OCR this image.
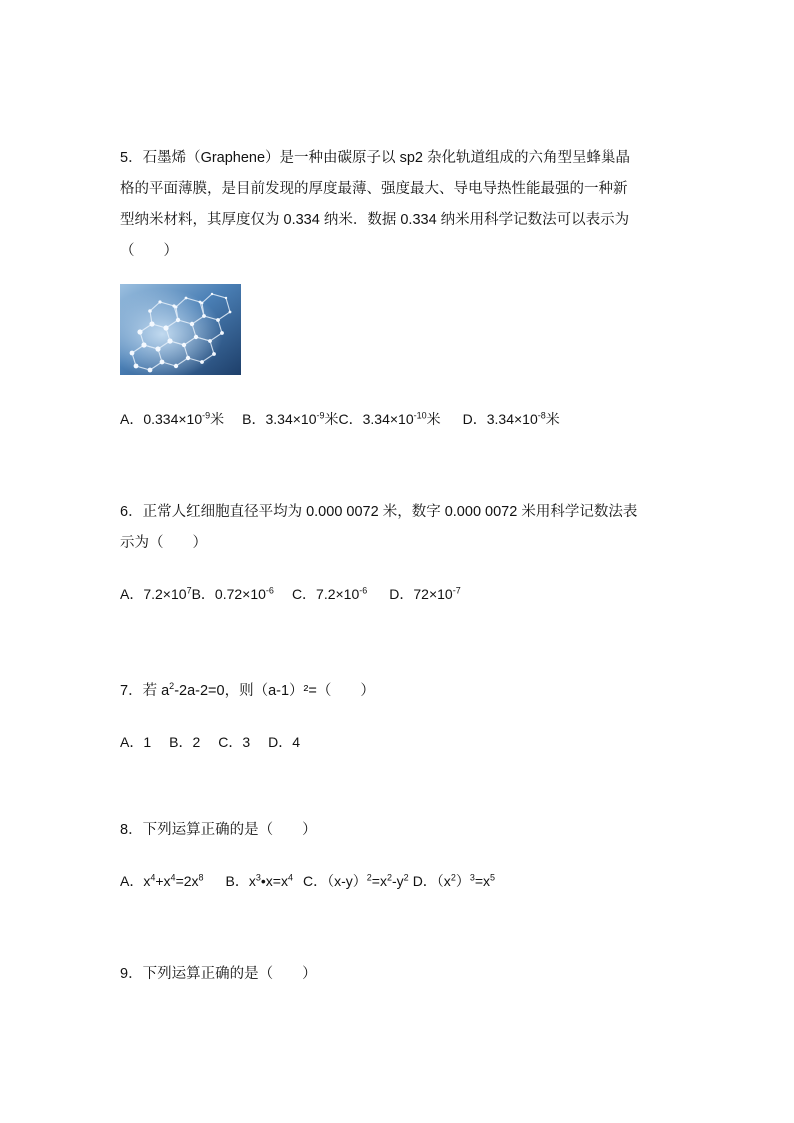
5．石墨烯（Graphene）是一种由碳原子以 sp2 杂化轨道组成的六角型呈蜂巢晶
格的平面薄膜，是目前发现的厚度最薄、强度最大、导电导热性能最强的一种新
型纳米材料，其厚度仅为 0.334 纳米．数据 0.334 纳米用科学记数法可以表示为
（　　）
A．$0.334\times 10^{-9}$米 B．$3.34\times 10^{-9}$米C．$3.34\times 10^{-10}$米 D．$3.34\times 10^{-8}$米
6．正常人红细胞直径平均为 0.000 0072 米，数字 0.000 0072 米用科学记数法表
示为（　　）
A．$7.2\times 10^7B$．$0.72\times 10^{-6}$ C．$7.2\times 10^{-6}$ D．$72\times 10^{-7}$
7．若 $a^2-2a-2=0$，则（a-1）²=（　　）
A．1 B．2 C．3 D．4
8．下列运算正确的是（　　）
A．$x^4+x^4=2x^8$ B．$x^3•x=x^4$ C．$(x-y)^2=x^2-y^2$ D．$(x^2)^3=x^5$
9．下列运算正确的是（　　）
